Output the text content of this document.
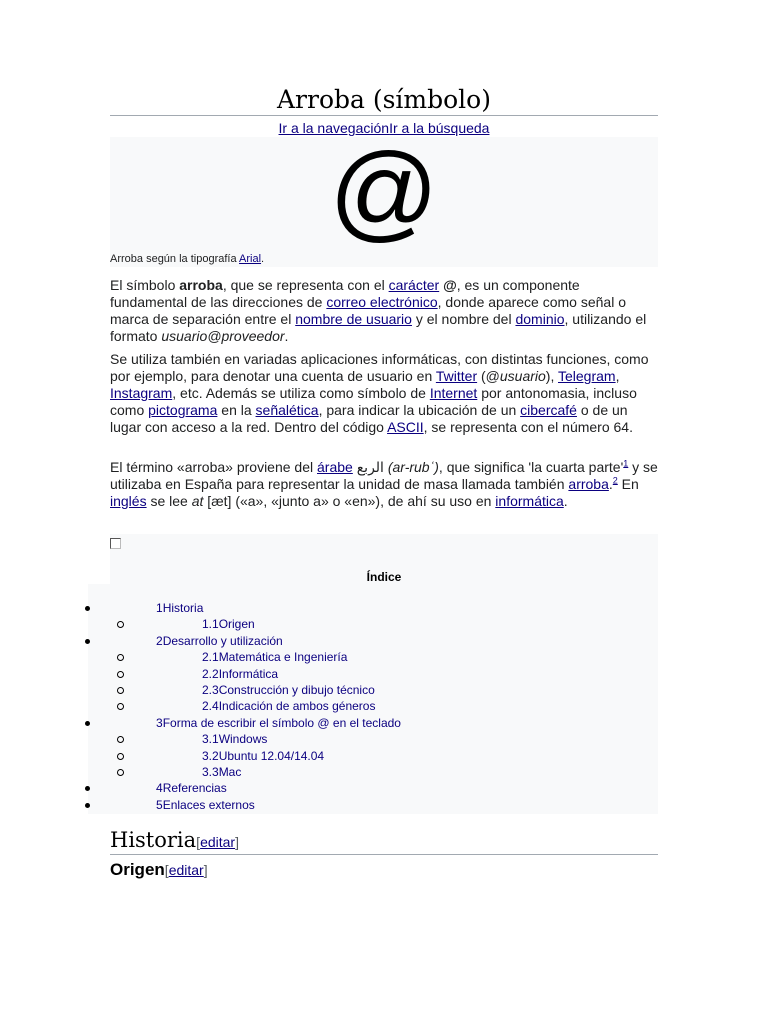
Arroba (símbolo)
Ir a la navegaciónIr a la búsqueda
@
Arroba según la tipografía Arial.
El símbolo arroba, que se representa con el carácter @, es un componente fundamental de las direcciones de correo electrónico, donde aparece como señal o marca de separación entre el nombre de usuario y el nombre del dominio, utilizando el formato usuario@proveedor.
Se utiliza también en variadas aplicaciones informáticas, con distintas funciones, como por ejemplo, para denotar una cuenta de usuario en Twitter (@usuario), Telegram, Instagram, etc. Además se utiliza como símbolo de Internet por antonomasia, incluso como pictograma en la señalética, para indicar la ubicación de un cibercafé o de un lugar con acceso a la red. Dentro del código ASCII, se representa con el número 64.
El término «arroba» proviene del árabe الربع (ar-rubʿ), que significa 'la cuarta parte'$^1$ y se utilizaba en España para representar la unidad de masa llamada también arroba.$^2$ En inglés se lee at [æt] («a», «junto a» o «en»), de ahí su uso en informática.
Índice
1Historia
1.1Origen
2Desarrollo y utilización
2.1Matemática e Ingeniería
2.2Informática
2.3Construcción y dibujo técnico
2.4Indicación de ambos géneros
3Forma de escribir el símbolo @ en el teclado
3.1Windows
3.2Ubuntu 12.04/14.04
3.3Mac
4Referencias
5Enlaces externos
Historia[editar]
Origen[editar]
